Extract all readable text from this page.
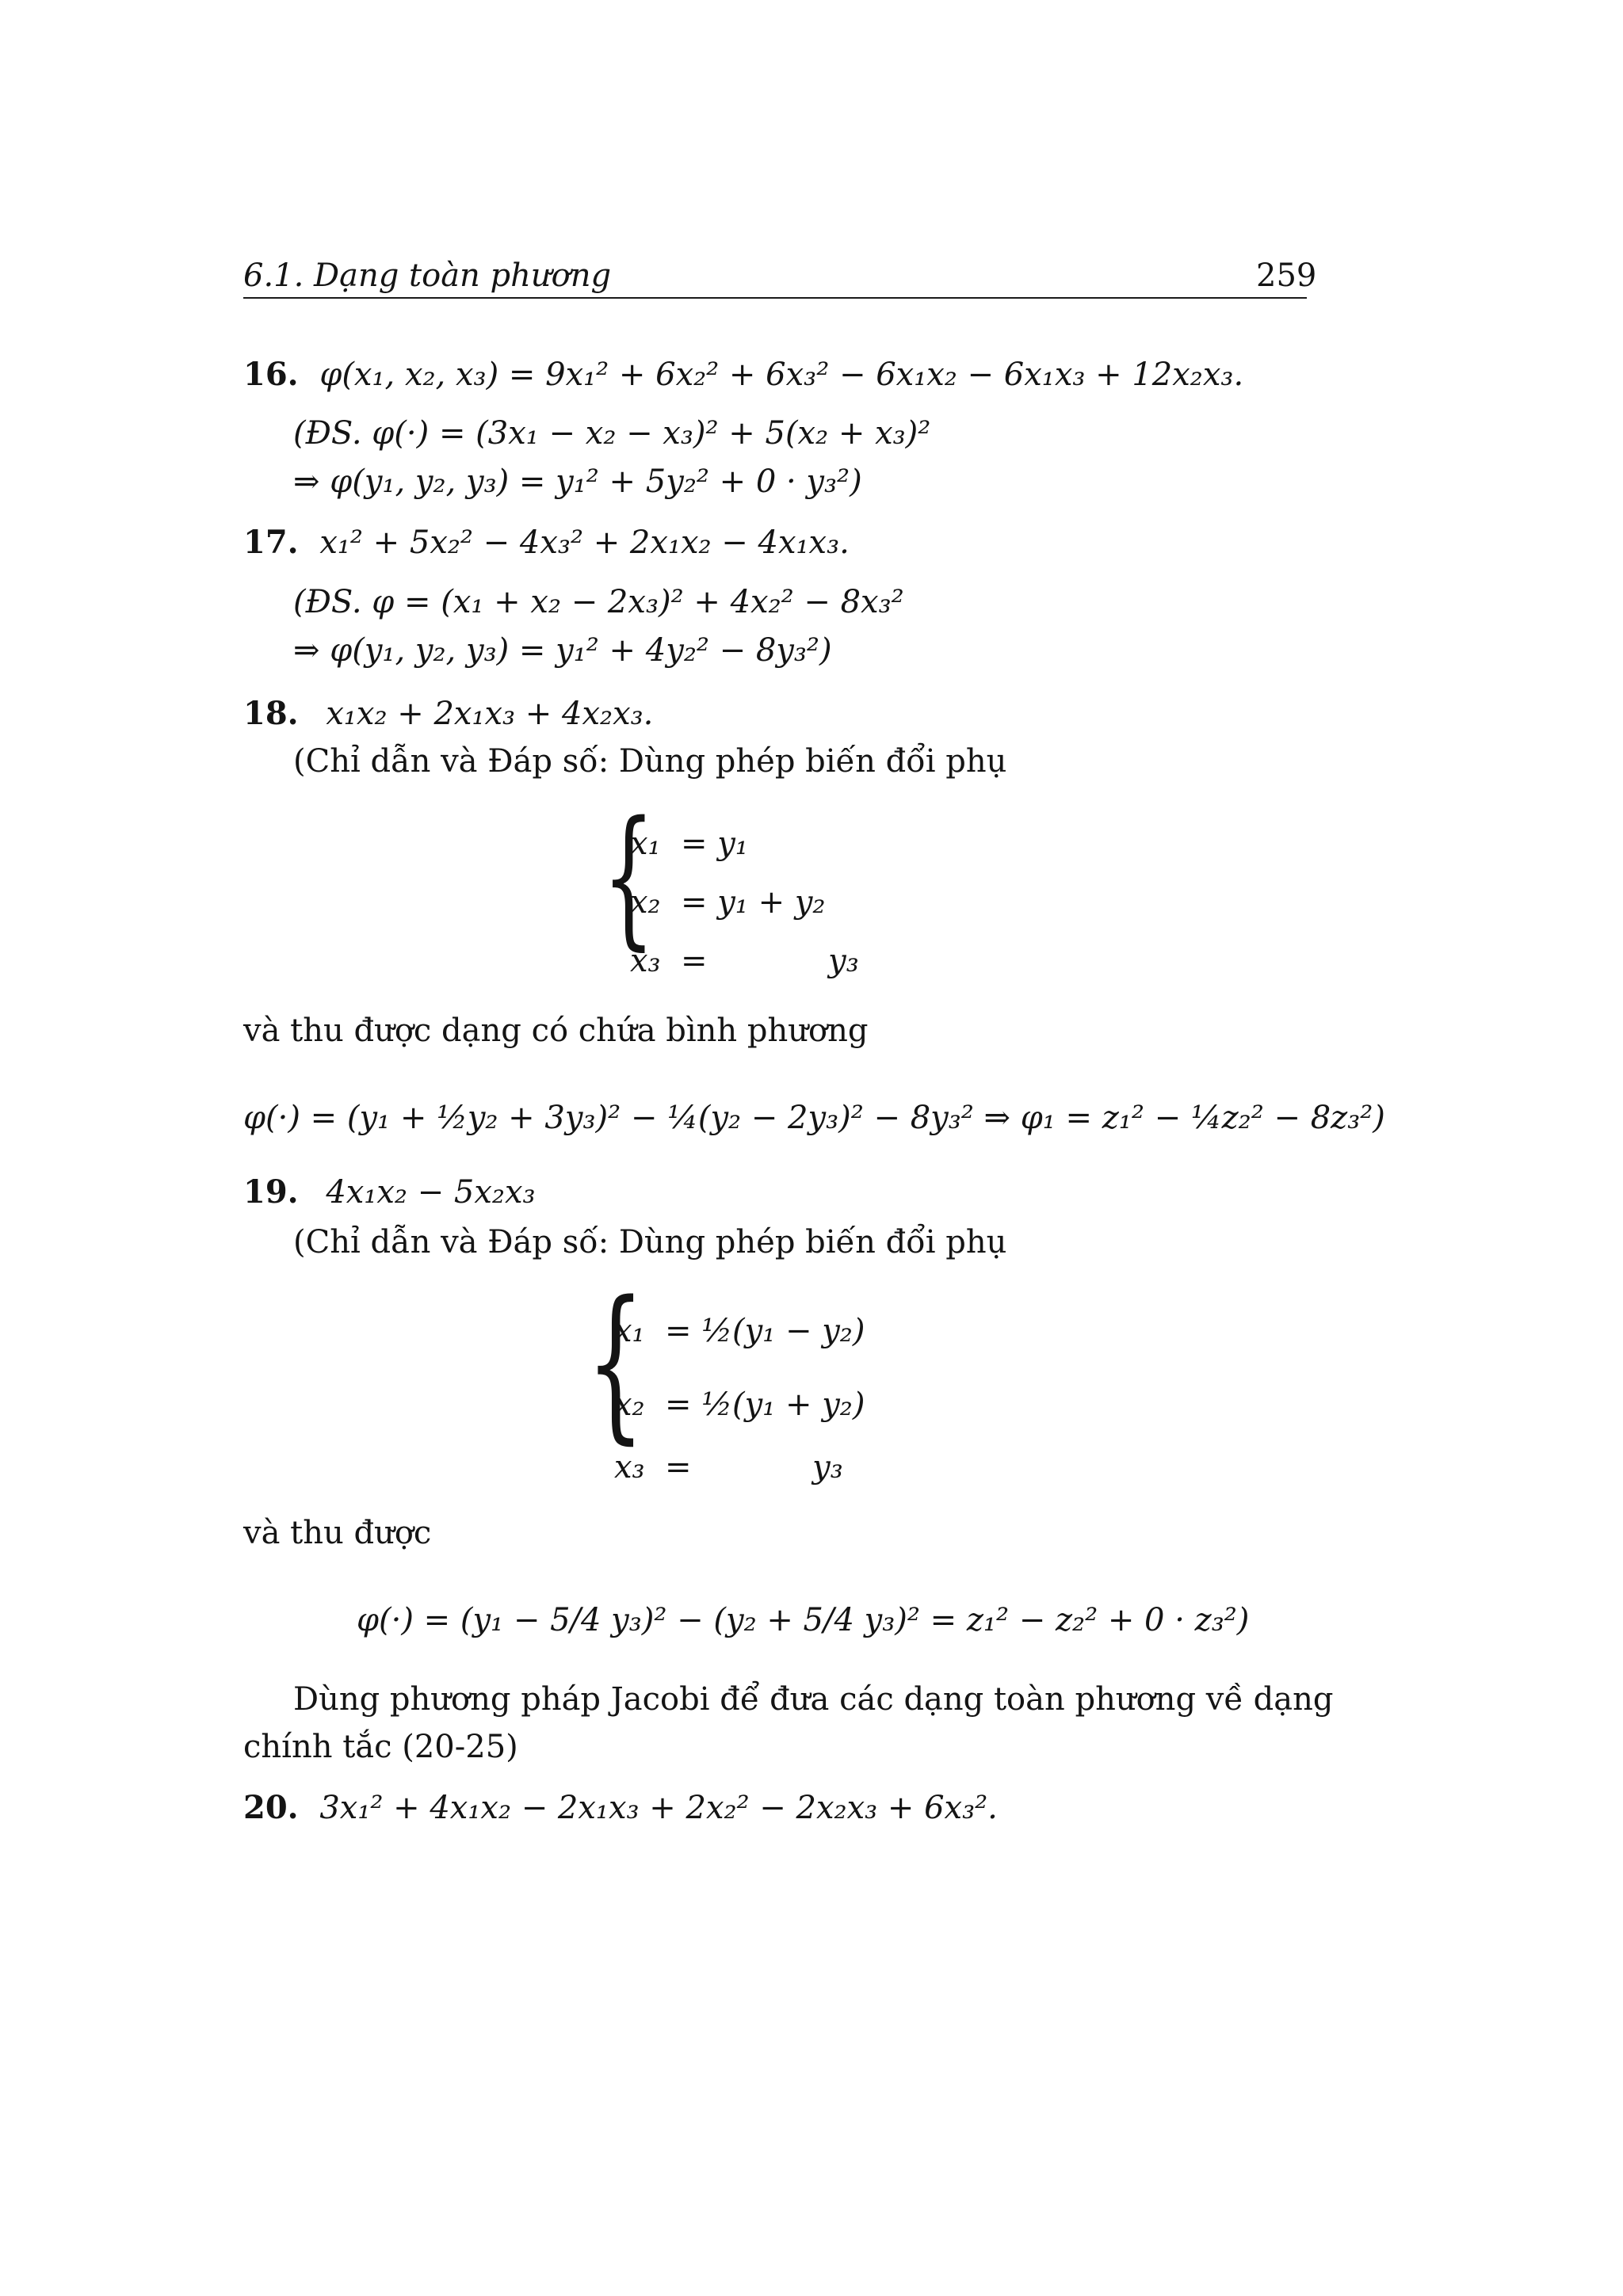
6.1. Dạng toàn phương	259
16. φ(x₁, x₂, x₃) = 9x₁² + 6x₂² + 6x₃² − 6x₁x₂ − 6x₁x₃ + 12x₂x₃.
(ĐS. φ(·) = (3x₁ − x₂ − x₃)² + 5(x₂ + x₃)²
⇒ φ(y₁, y₂, y₃) = y₁² + 5y₂² + 0 · y₃²)
17. x₁² + 5x₂² − 4x₃² + 2x₁x₂ − 4x₁x₃.
(ĐS. φ = (x₁ + x₂ − 2x₃)² + 4x₂² − 8x₃²
⇒ φ(y₁, y₂, y₃) = y₁² + 4y₂² − 8y₃²)
18. x₁x₂ + 2x₁x₃ + 4x₂x₃.
(Chỉ dẫn và Đáp số: Dùng phép biến đổi phụ
{
x₁  = y₁
x₂  = y₁ + y₂
x₃  =            y₃
và thu được dạng có chứa bình phương
φ(·) = (y₁ + ½y₂ + 3y₃)² − ¼(y₂ − 2y₃)² − 8y₃² ⇒ φ₁ = z₁² − ¼z₂² − 8z₃²)
19. 4x₁x₂ − 5x₂x₃
(Chỉ dẫn và Đáp số: Dùng phép biến đổi phụ
{
x₁  = ½(y₁ − y₂)
x₂  = ½(y₁ + y₂)
x₃  =            y₃
và thu được
φ(·) = (y₁ − 5/4 y₃)² − (y₂ + 5/4 y₃)² = z₁² − z₂² + 0 · z₃²)
Dùng phương pháp Jacobi để đưa các dạng toàn phương về dạng
chính tắc (20-25)
20. 3x₁² + 4x₁x₂ − 2x₁x₃ + 2x₂² − 2x₂x₃ + 6x₃².
